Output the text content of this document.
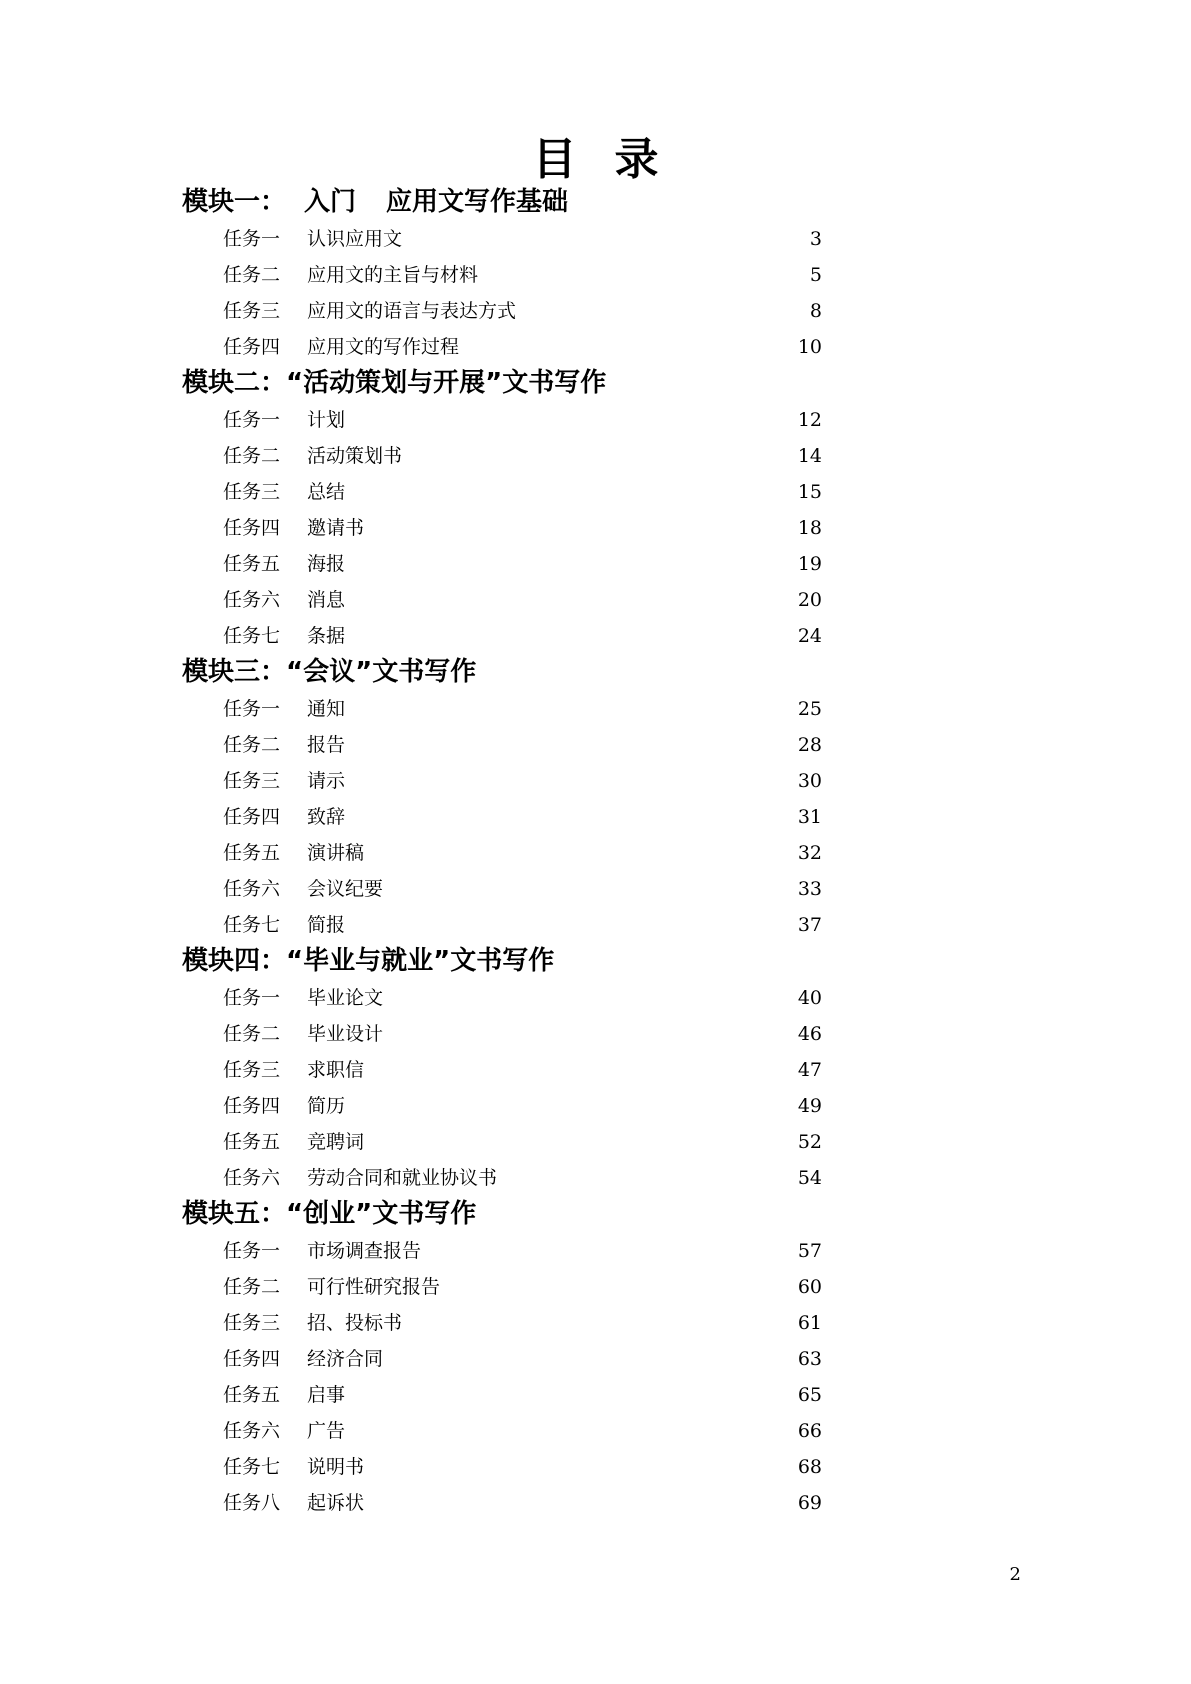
目 录
模块一： 入门 应用文写作基础
任务一	认识应用文	3
任务二	应用文的主旨与材料	5
任务三	应用文的语言与表达方式	8
任务四	应用文的写作过程	10
模块二：“活动策划与开展”文书写作
任务一	计划	12
任务二	活动策划书	14
任务三	总结	15
任务四	邀请书	18
任务五	海报	19
任务六	消息	20
任务七	条据	24
模块三：“会议”文书写作
任务一	通知	25
任务二	报告	28
任务三	请示	30
任务四	致辞	31
任务五	演讲稿	32
任务六	会议纪要	33
任务七	简报	37
模块四：“毕业与就业”文书写作
任务一	毕业论文	40
任务二	毕业设计	46
任务三	求职信	47
任务四	简历	49
任务五	竞聘词	52
任务六	劳动合同和就业协议书	54
模块五：“创业”文书写作
任务一	市场调查报告	57
任务二	可行性研究报告	60
任务三	招、投标书	61
任务四	经济合同	63
任务五	启事	65
任务六	广告	66
任务七	说明书	68
任务八	起诉状	69
2
